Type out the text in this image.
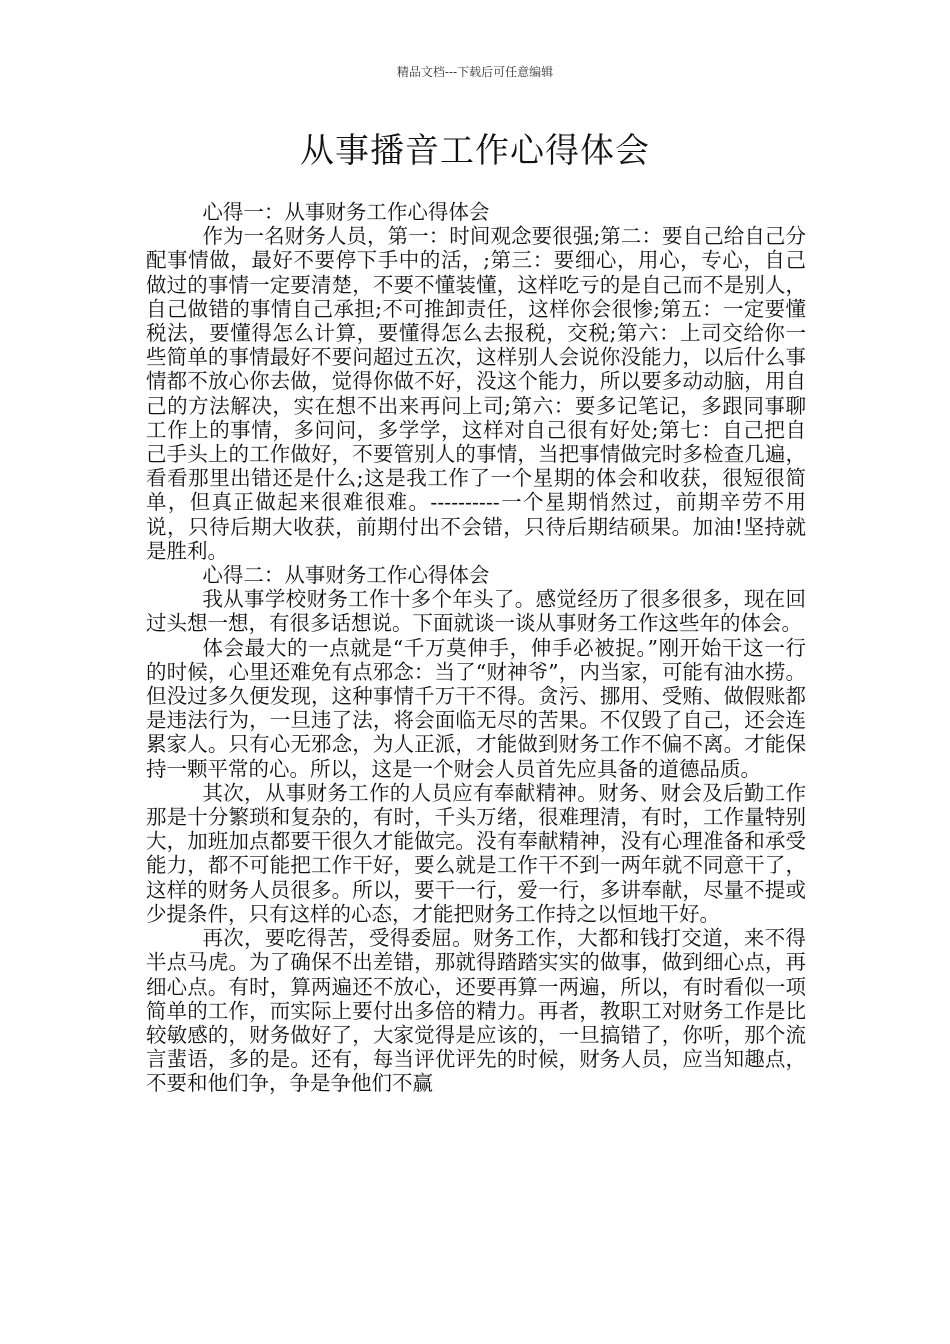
精品文档---下载后可任意编辑
从事播音工作心得体会

心得一：从事财务工作心得体会

作为一名财务人员，第一：时间观念要很强;第二：要自己给自己分配事情做，最好不要停下手中的活，;第三：要细心，用心，专心，自己做过的事情一定要清楚，不要不懂装懂，这样吃亏的是自己而不是别人，自己做错的事情自己承担;不可推卸责任，这样你会很惨;第五：一定要懂税法，要懂得怎么计算，要懂得怎么去报税，交税;第六：上司交给你一些简单的事情最好不要问超过五次，这样别人会说你没能力，以后什么事情都不放心你去做，觉得你做不好，没这个能力，所以要多动动脑，用自己的方法解决，实在想不出来再问上司;第六：要多记笔记，多跟同事聊工作上的事情，多问问，多学学，这样对自己很有好处;第七：自己把自己手头上的工作做好，不要管别人的事情，当把事情做完时多检查几遍，看看那里出错还是什么;这是我工作了一个星期的体会和收获，很短很简单，但真正做起来很难很难。----------一个星期悄然过，前期辛劳不用说，只待后期大收获，前期付出不会错，只待后期结硕果。加油!坚持就是胜利。

心得二：从事财务工作心得体会

我从事学校财务工作十多个年头了。感觉经历了很多很多，现在回过头想一想，有很多话想说。下面就谈一谈从事财务工作这些年的体会。

体会最大的一点就是“千万莫伸手，伸手必被捉。”刚开始干这一行的时候，心里还难免有点邪念：当了“财神爷”，内当家，可能有油水捞。但没过多久便发现，这种事情千万干不得。贪污、挪用、受贿、做假账都是违法行为，一旦违了法，将会面临无尽的苦果。不仅毁了自己，还会连累家人。只有心无邪念，为人正派，才能做到财务工作不偏不离。才能保持一颗平常的心。所以，这是一个财会人员首先应具备的道德品质。

其次，从事财务工作的人员应有奉献精神。财务、财会及后勤工作那是十分繁琐和复杂的，有时，千头万绪，很难理清，有时，工作量特别大，加班加点都要干很久才能做完。没有奉献精神，没有心理准备和承受能力，都不可能把工作干好，要么就是工作干不到一两年就不同意干了，这样的财务人员很多。所以，要干一行，爱一行，多讲奉献，尽量不提或少提条件，只有这样的心态，才能把财务工作持之以恒地干好。

再次，要吃得苦，受得委屈。财务工作，大都和钱打交道，来不得半点马虎。为了确保不出差错，那就得踏踏实实的做事，做到细心点，再细心点。有时，算两遍还不放心，还要再算一两遍，所以，有时看似一项简单的工作，而实际上要付出多倍的精力。再者，教职工对财务工作是比较敏感的，财务做好了，大家觉得是应该的，一旦搞错了，你听，那个流言蜚语，多的是。还有，每当评优评先的时候，财务人员，应当知趣点，不要和他们争，争是争他们不赢
